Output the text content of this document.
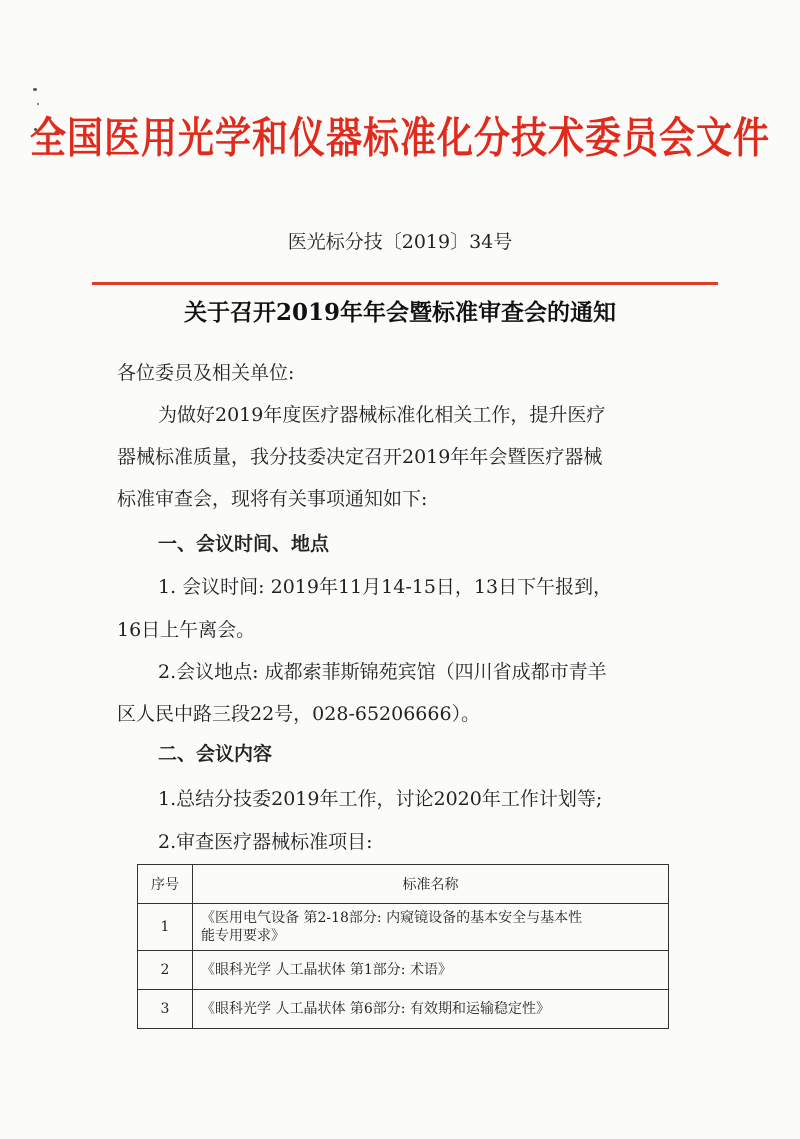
全国医用光学和仪器标准化分技术委员会文件
医光标分技〔2019〕34号
关于召开2019年年会暨标准审查会的通知
各位委员及相关单位:
为做好2019年度医疗器械标准化相关工作，提升医疗
器械标准质量，我分技委决定召开2019年年会暨医疗器械
标准审查会，现将有关事项通知如下:
一、会议时间、地点
1. 会议时间: 2019年11月14-15日，13日下午报到，
16日上午离会。
2.会议地点: 成都索菲斯锦苑宾馆（四川省成都市青羊
区人民中路三段22号，028-65206666）。
二、会议内容
1.总结分技委2019年工作，讨论2020年工作计划等;
2.审查医疗器械标准项目:
序号	标准名称
1	《医用电气设备 第2-18部分: 内窥镜设备的基本安全与基本性
能专用要求》

2	《眼科光学 人工晶状体 第1部分: 术语》
3	《眼科光学 人工晶状体 第6部分: 有效期和运输稳定性》
